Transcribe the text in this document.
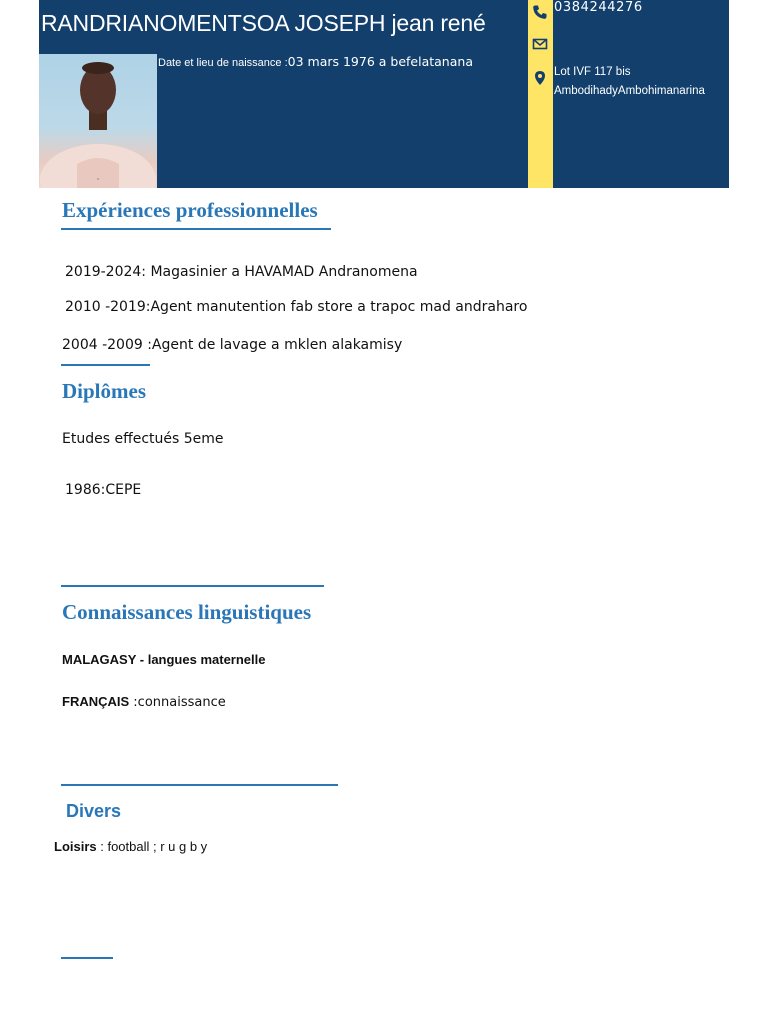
RANDRIANOMENTSOA JOSEPH jean rené
·
Date et lieu de naissance :03 mars 1976 a befelatanana
0384244276
Lot IVF 117 bis
AmbodihadyAmbohimanarina
Expériences professionnelles
2019-2024: Magasinier a HAVAMAD Andranomena
2010 -2019:Agent manutention fab store a trapoc mad andraharo
2004 -2009 :Agent de lavage a mklen alakamisy
Diplômes
Etudes effectués 5eme
1986:CEPE
Connaissances linguistiques
MALAGASY - langues maternelle
FRANÇAIS :connaissance
Divers
Loisirs : football ; r u g b y
